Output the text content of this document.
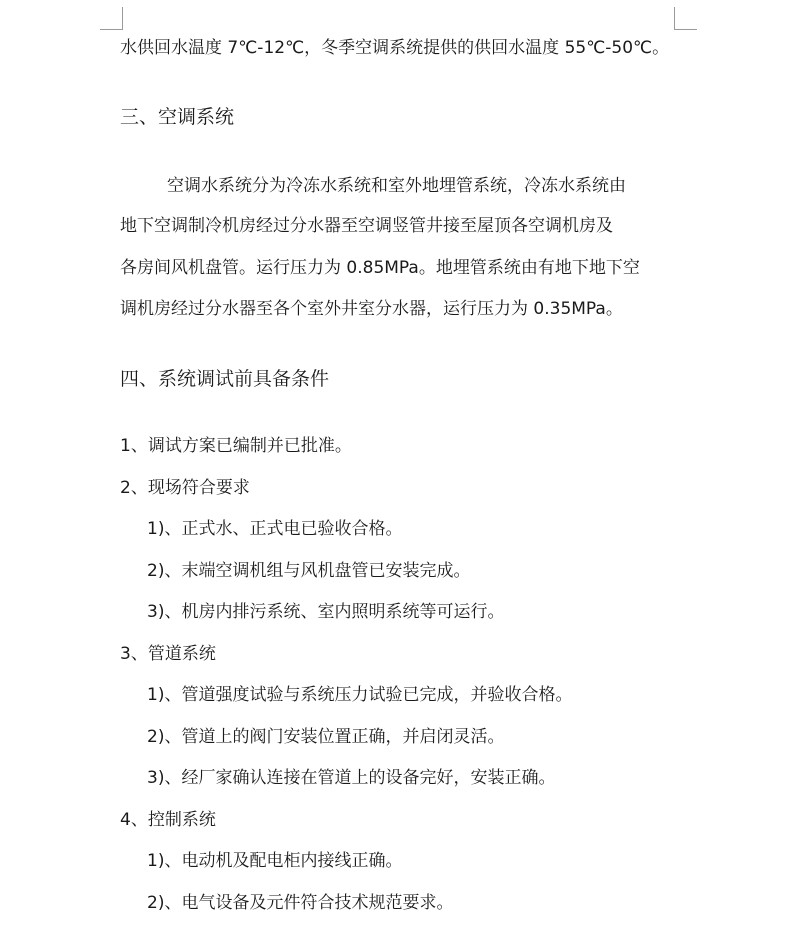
水供回水温度 7℃-12℃，冬季空调系统提供的供回水温度 55℃-50℃。
三、空调系统
空调水系统分为冷冻水系统和室外地埋管系统，冷冻水系统由
地下空调制冷机房经过分水器至空调竖管井接至屋顶各空调机房及
各房间风机盘管。运行压力为 0.85MPa。地埋管系统由有地下地下空
调机房经过分水器至各个室外井室分水器，运行压力为 0.35MPa。
四、系统调试前具备条件
1、调试方案已编制并已批准。
2、现场符合要求
1)、正式水、正式电已验收合格。
2)、末端空调机组与风机盘管已安装完成。
3)、机房内排污系统、室内照明系统等可运行。
3、管道系统
1)、管道强度试验与系统压力试验已完成，并验收合格。
2)、管道上的阀门安装位置正确，并启闭灵活。
3)、经厂家确认连接在管道上的设备完好，安装正确。
4、控制系统
1)、电动机及配电柜内接线正确。
2)、电气设备及元件符合技术规范要求。
